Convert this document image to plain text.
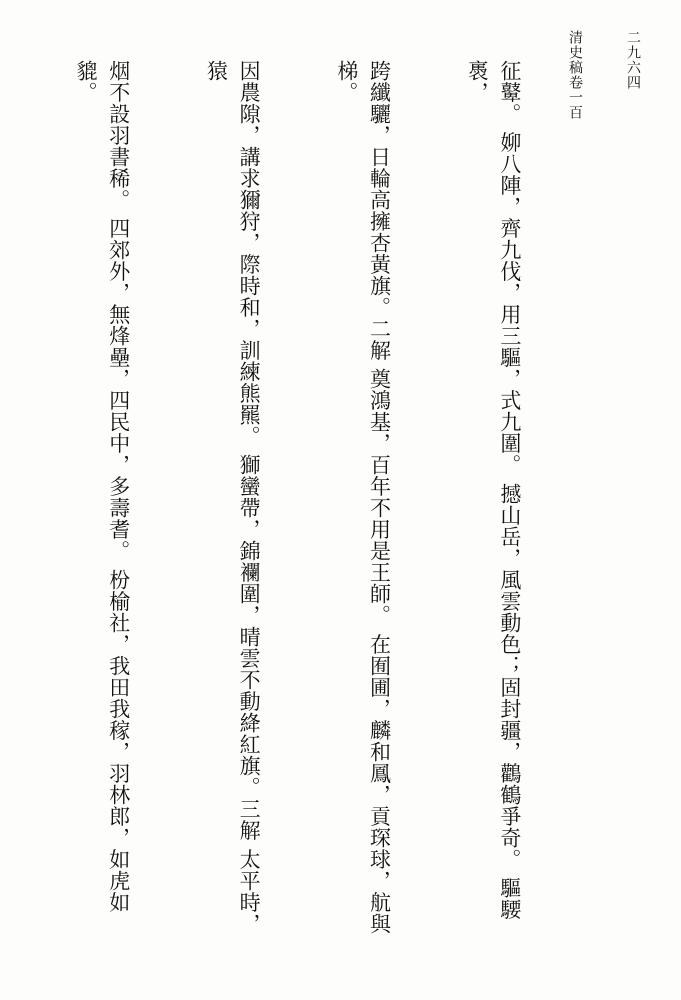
清史稿卷一百	二九六四

征鼙。 㚹八陣，齊九伐，用三驅，式九圍。 撼山岳，風雲動色；固封疆，鸛鶴爭奇。 驅騕褭，

跨纖驪，日輪高擁杏黃旗。二解 奠鴻基，百年不用是王師。 在囿圃，麟和鳳，貢琛球，航與梯。

因農隙，講求獮狩，際時和，訓練熊羆。 獅蠻帶，錦襴圍，晴雲不動絳紅旗。三解 太平時，猿

烟不設羽書稀。 四郊外，無烽壘，四民中，多壽耆。 枌榆社，我田我稼，羽林郎，如虎如貔。
